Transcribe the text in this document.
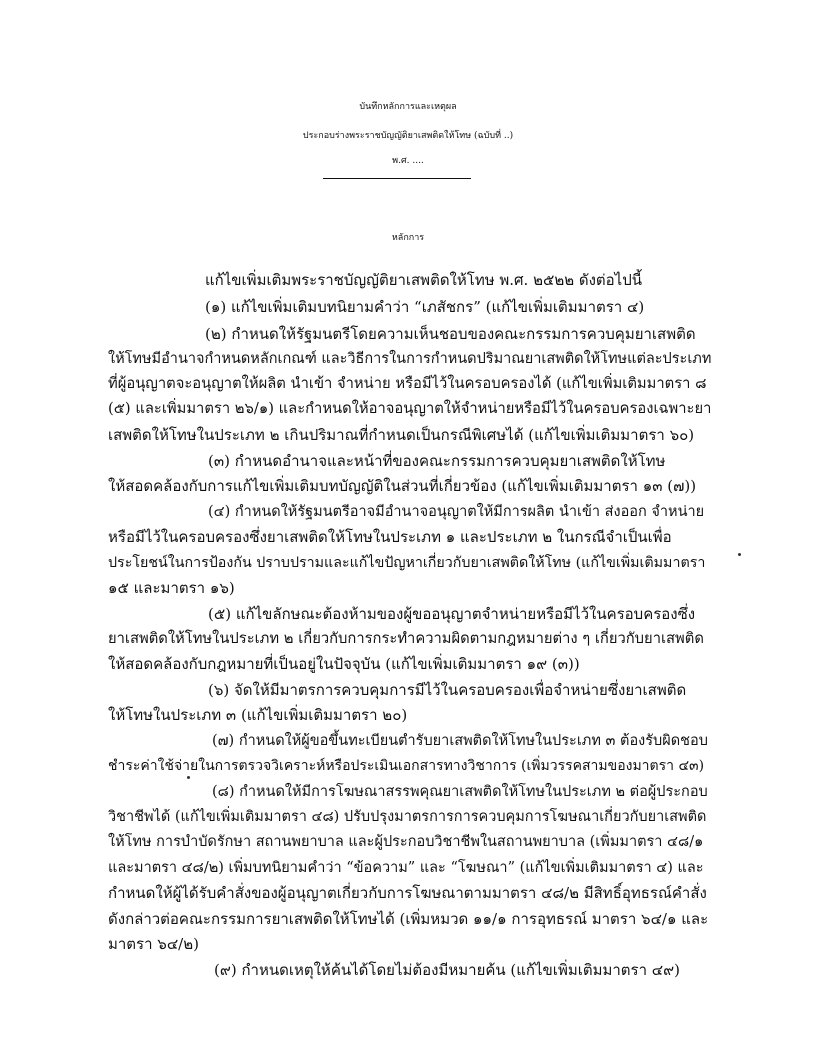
บันทึกหลักการและเหตุผล
ประกอบร่างพระราชบัญญัติยาเสพติดให้โทษ (ฉบับที่ ..)
พ.ศ. ....
หลักการ
แก้ไขเพิ่มเติมพระราชบัญญัติยาเสพติดให้โทษ พ.ศ. ๒๕๒๒ ดังต่อไปนี้
(๑) แก้ไขเพิ่มเติมบทนิยามคำว่า “เภสัชกร” (แก้ไขเพิ่มเติมมาตรา ๔)
(๒) กำหนดให้รัฐมนตรีโดยความเห็นชอบของคณะกรรมการควบคุมยาเสพติด
ให้โทษมีอำนาจกำหนดหลักเกณฑ์ และวิธีการในการกำหนดปริมาณยาเสพติดให้โทษแต่ละประเภท
ที่ผู้อนุญาตจะอนุญาตให้ผลิต นำเข้า จำหน่าย หรือมีไว้ในครอบครองได้ (แก้ไขเพิ่มเติมมาตรา ๘
(๕) และเพิ่มมาตรา ๒๖/๑) และกำหนดให้อาจอนุญาตให้จำหน่ายหรือมีไว้ในครอบครองเฉพาะยา
เสพติดให้โทษในประเภท ๒ เกินปริมาณที่กำหนดเป็นกรณีพิเศษได้ (แก้ไขเพิ่มเติมมาตรา ๖๐)
(๓) กำหนดอำนาจและหน้าที่ของคณะกรรมการควบคุมยาเสพติดให้โทษ
ให้สอดคล้องกับการแก้ไขเพิ่มเติมบทบัญญัติในส่วนที่เกี่ยวข้อง (แก้ไขเพิ่มเติมมาตรา ๑๓ (๗))
(๔) กำหนดให้รัฐมนตรีอาจมีอำนาจอนุญาตให้มีการผลิต นำเข้า ส่งออก จำหน่าย
หรือมีไว้ในครอบครองซึ่งยาเสพติดให้โทษในประเภท ๑ และประเภท ๒ ในกรณีจำเป็นเพื่อ
ประโยชน์ในการป้องกัน ปราบปรามและแก้ไขปัญหาเกี่ยวกับยาเสพติดให้โทษ (แก้ไขเพิ่มเติมมาตรา
๑๕ และมาตรา ๑๖)
(๕) แก้ไขลักษณะต้องห้ามของผู้ขออนุญาตจำหน่ายหรือมีไว้ในครอบครองซึ่ง
ยาเสพติดให้โทษในประเภท ๒ เกี่ยวกับการกระทำความผิดตามกฎหมายต่าง ๆ เกี่ยวกับยาเสพติด
ให้สอดคล้องกับกฎหมายที่เป็นอยู่ในปัจจุบัน (แก้ไขเพิ่มเติมมาตรา ๑๙ (๓))
(๖) จัดให้มีมาตรการควบคุมการมีไว้ในครอบครองเพื่อจำหน่ายซึ่งยาเสพติด
ให้โทษในประเภท ๓ (แก้ไขเพิ่มเติมมาตรา ๒๐)
(๗) กำหนดให้ผู้ขอขึ้นทะเบียนตำรับยาเสพติดให้โทษในประเภท ๓ ต้องรับผิดชอบ
ชำระค่าใช้จ่ายในการตรวจวิเคราะห์หรือประเมินเอกสารทางวิชาการ (เพิ่มวรรคสามของมาตรา ๔๓)
(๘) กำหนดให้มีการโฆษณาสรรพคุณยาเสพติดให้โทษในประเภท ๒ ต่อผู้ประกอบ
วิชาชีพได้ (แก้ไขเพิ่มเติมมาตรา ๔๘) ปรับปรุงมาตรการการควบคุมการโฆษณาเกี่ยวกับยาเสพติด
ให้โทษ การบำบัดรักษา สถานพยาบาล และผู้ประกอบวิชาชีพในสถานพยาบาล (เพิ่มมาตรา ๔๘/๑
และมาตรา ๔๘/๒) เพิ่มบทนิยามคำว่า “ข้อความ” และ “โฆษณา” (แก้ไขเพิ่มเติมมาตรา ๔) และ
กำหนดให้ผู้ได้รับคำสั่งของผู้อนุญาตเกี่ยวกับการโฆษณาตามมาตรา ๔๘/๒ มีสิทธิ์อุทธรณ์คำสั่ง
ดังกล่าวต่อคณะกรรมการยาเสพติดให้โทษได้ (เพิ่มหมวด ๑๑/๑ การอุทธรณ์ มาตรา ๖๔/๑ และ
มาตรา ๖๔/๒)
(๙) กำหนดเหตุให้ค้นได้โดยไม่ต้องมีหมายค้น (แก้ไขเพิ่มเติมมาตรา ๔๙)
